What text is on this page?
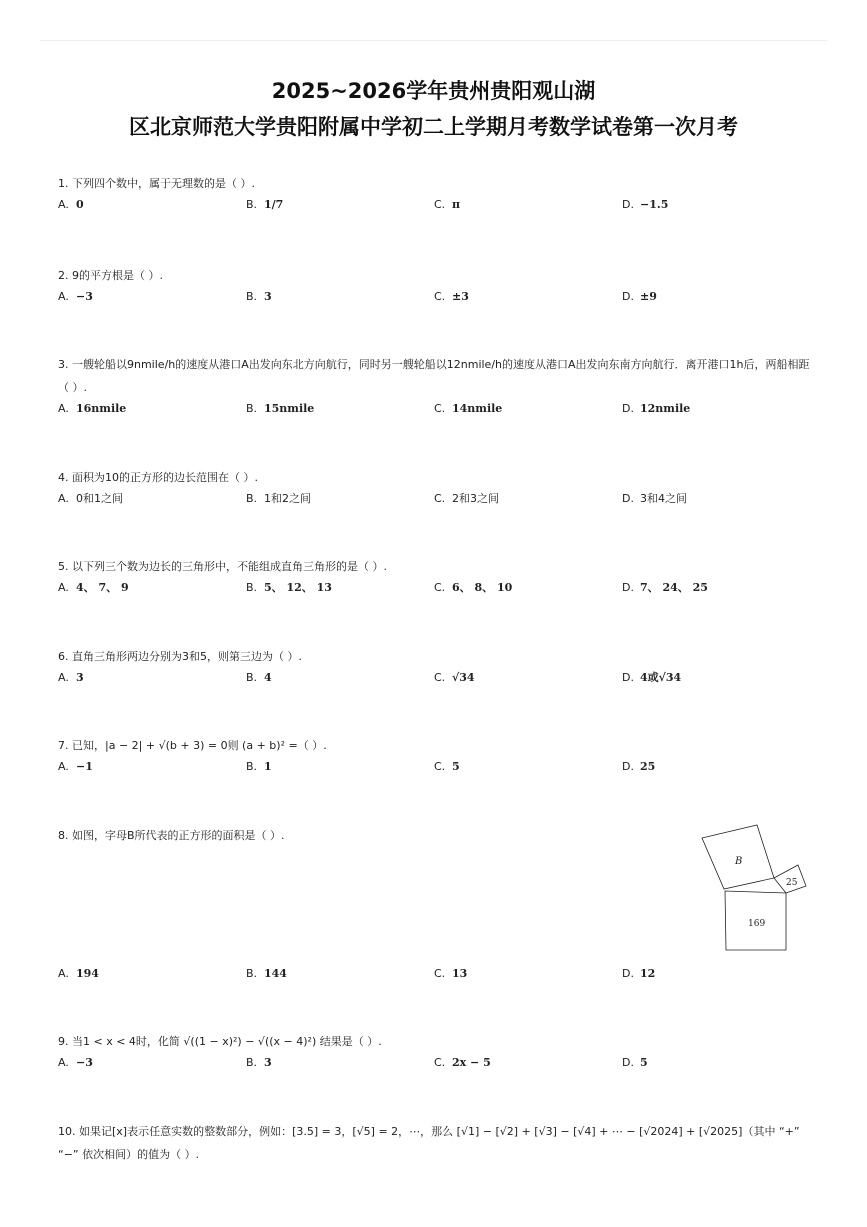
2025~2026学年贵州贵阳观山湖
区北京师范大学贵阳附属中学初二上学期月考数学试卷第一次月考
1. 下列四个数中，属于无理数的是（ ）.
A. 0	B. 1/7	C. π	D. −1.5
2. 9的平方根是（ ）.
A. −3	B. 3	C. ±3	D. ±9
3. 一艘轮船以9nmile/h的速度从港口A出发向东北方向航行，同时另一艘轮船以12nmile/h的速度从港口A出发向东南方向航行．离开港口1h后，两船相距（ ）.
A. 16nmile	B. 15nmile	C. 14nmile	D. 12nmile
4. 面积为10的正方形的边长范围在（ ）.
A. 0和1之间	B. 1和2之间	C. 2和3之间	D. 3和4之间
5. 以下列三个数为边长的三角形中，不能组成直角三角形的是（ ）.
A. 4、 7、 9	B. 5、 12、 13	C. 6、 8、 10	D. 7、 24、 25
6. 直角三角形两边分别为3和5，则第三边为（ ）.
A. 3	B. 4	C. √34	D. 4或√34
7. 已知，|a − 2| + √(b + 3) = 0则 (a + b)² =（ ）.
A. −1	B. 1	C. 5	D. 25
8. 如图，字母B所代表的正方形的面积是（ ）.
A. 194	B. 144	C. 13	D. 12
B
25
169
9. 当1 < x < 4时，化简 √((1 − x)²) − √((x − 4)²) 结果是（ ）.
A. −3	B. 3	C. 2x − 5	D. 5
10. 如果记[x]表示任意实数的整数部分，例如：[3.5] = 3，[√5] = 2，⋯，那么 [√1] − [√2] + [√3] − [√4] + ⋯ − [√2024] + [√2025]（其中 “+” “−” 依次相间）的值为（ ）.
